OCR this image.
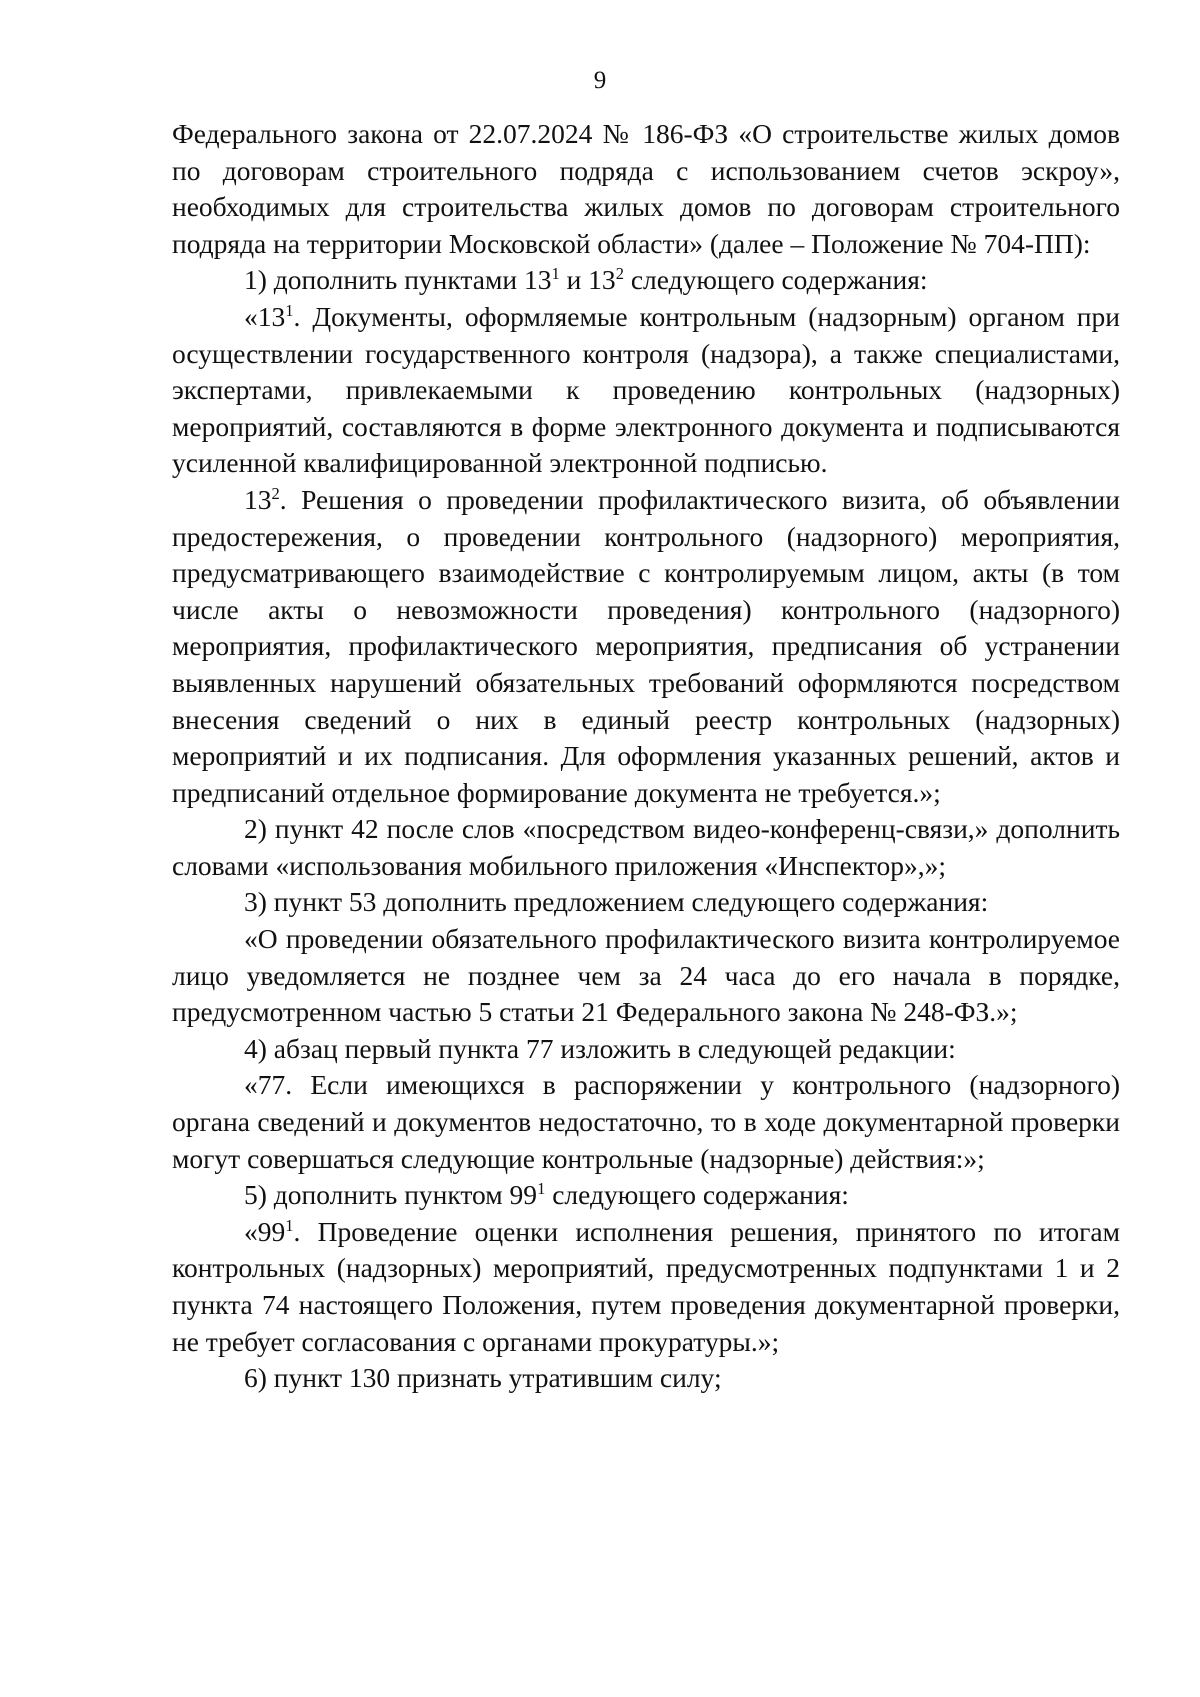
9

Федерального закона от 22.07.2024 № 186-ФЗ «О строительстве жилых домов по договорам строительного подряда с использованием счетов эскроу», необходимых для строительства жилых домов по договорам строительного подряда на территории Московской области» (далее – Положение № 704-ПП):

1) дополнить пунктами $13^1$ и $13^2$ следующего содержания:

«$13^1$. Документы, оформляемые контрольным (надзорным) органом при осуществлении государственного контроля (надзора), а также специалистами, экспертами, привлекаемыми к проведению контрольных (надзорных) мероприятий, составляются в форме электронного документа и подписываются усиленной квалифицированной электронной подписью.

$13^2$. Решения о проведении профилактического визита, об объявлении предостережения, о проведении контрольного (надзорного) мероприятия, предусматривающего взаимодействие с контролируемым лицом, акты (в том числе акты о невозможности проведения) контрольного (надзорного) мероприятия, профилактического мероприятия, предписания об устранении выявленных нарушений обязательных требований оформляются посредством внесения сведений о них в единый реестр контрольных (надзорных) мероприятий и их подписания. Для оформления указанных решений, актов и предписаний отдельное формирование документа не требуется.»;

2) пункт 42 после слов «посредством видео-конференц-связи,» дополнить словами «использования мобильного приложения «Инспектор»,»;

3) пункт 53 дополнить предложением следующего содержания:

«О проведении обязательного профилактического визита контролируемое лицо уведомляется не позднее чем за 24 часа до его начала в порядке, предусмотренном частью 5 статьи 21 Федерального закона № 248-ФЗ.»;

4) абзац первый пункта 77 изложить в следующей редакции:

«77. Если имеющихся в распоряжении у контрольного (надзорного) органа сведений и документов недостаточно, то в ходе документарной проверки могут совершаться следующие контрольные (надзорные) действия:»;

5) дополнить пунктом $99^1$ следующего содержания:

«$99^1$. Проведение оценки исполнения решения, принятого по итогам контрольных (надзорных) мероприятий, предусмотренных подпунктами 1 и 2 пункта 74 настоящего Положения, путем проведения документарной проверки, не требует согласования с органами прокуратуры.»;

6) пункт 130 признать утратившим силу;
